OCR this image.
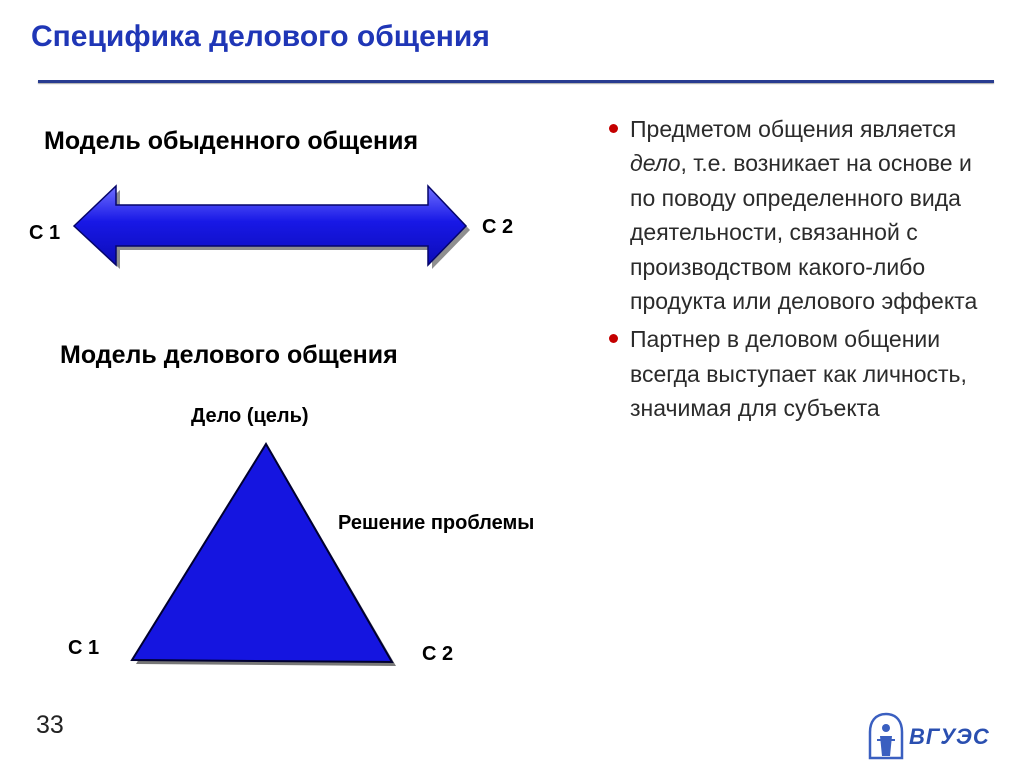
Специфика делового общения
Модель обыденного общения
С 1	С 2
Модель делового общения
Дело (цель)
Решение проблемы
С 1	С 2
Предметом общения является дело, т.е. возникает на основе и по поводу определенного вида деятельности, связанной с производством какого-либо продукта или делового эффекта
Партнер в деловом общении всегда выступает как личность, значимая для субъекта
33	ВГУЭС
